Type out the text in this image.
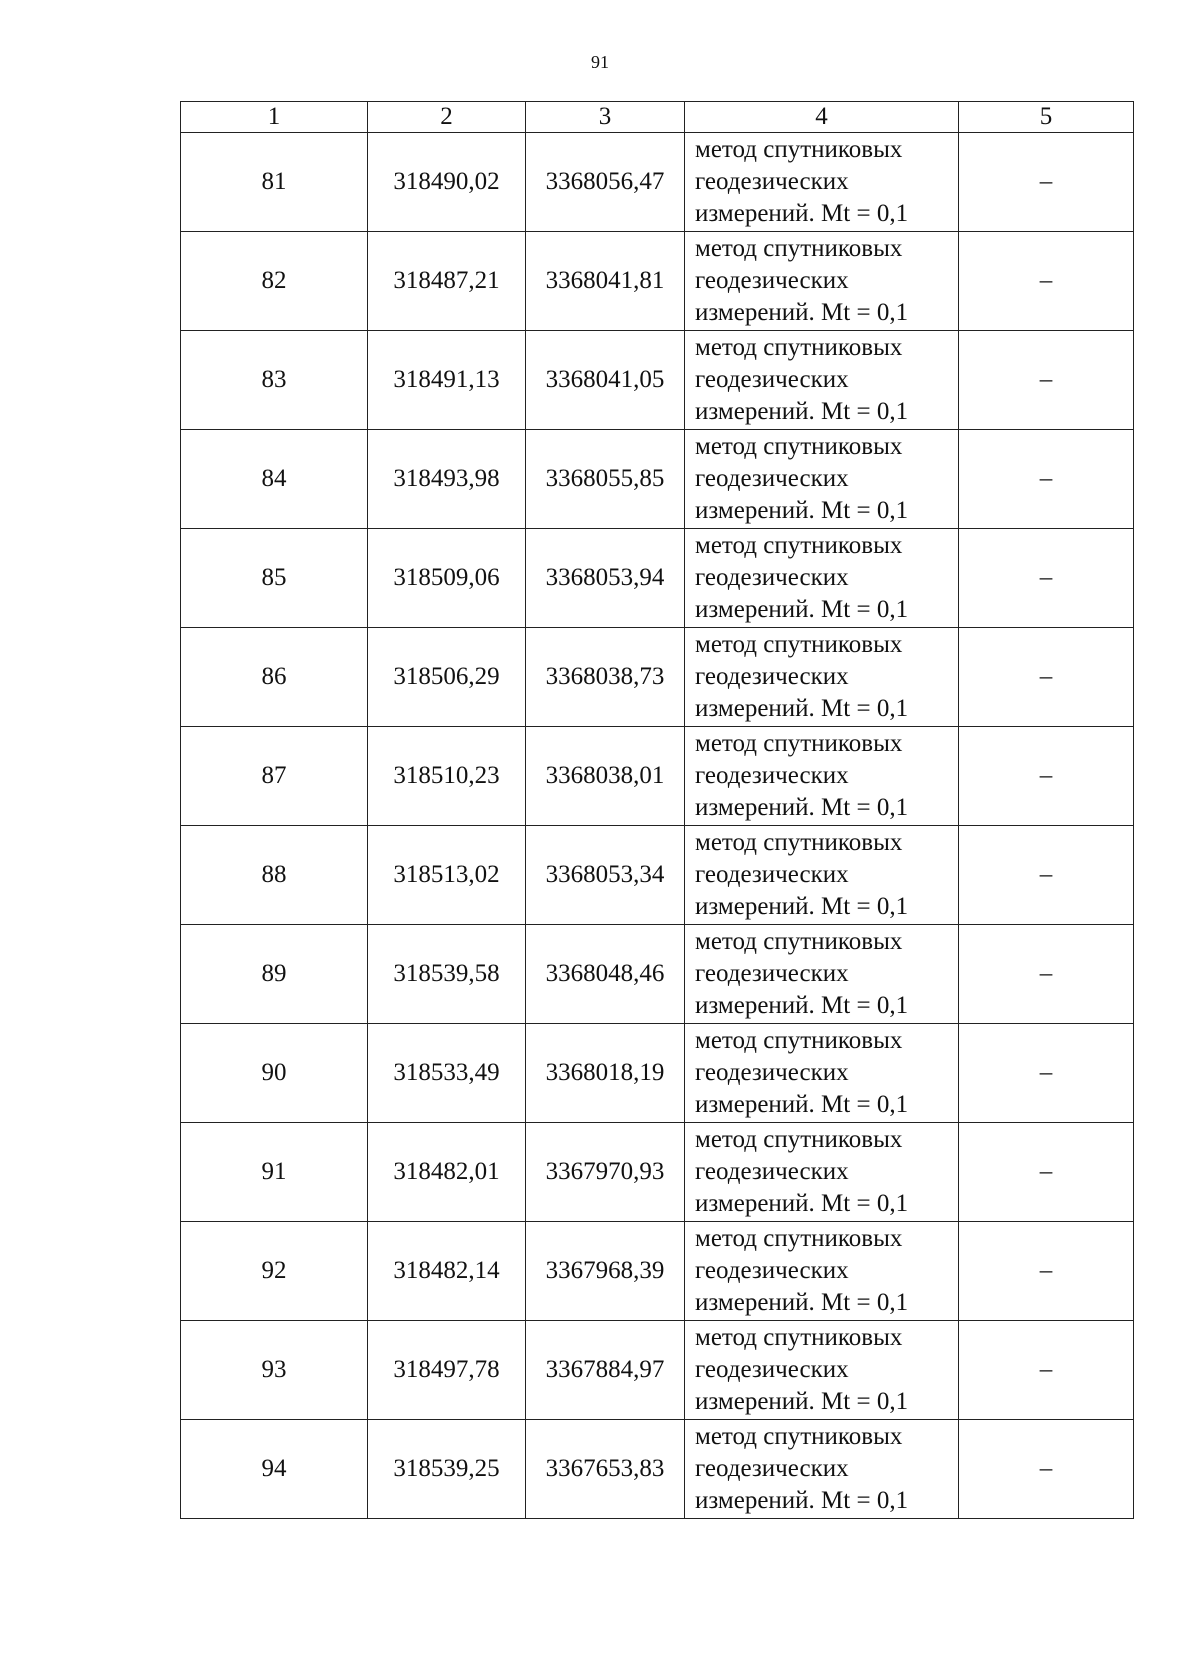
91
1	2	3	4	5
81	318490,02	3368056,47	метод спутниковых
геодезических
измерений. Mt = 0,1	–
82	318487,21	3368041,81	метод спутниковых
геодезических
измерений. Mt = 0,1	–
83	318491,13	3368041,05	метод спутниковых
геодезических
измерений. Mt = 0,1	–
84	318493,98	3368055,85	метод спутниковых
геодезических
измерений. Mt = 0,1	–
85	318509,06	3368053,94	метод спутниковых
геодезических
измерений. Mt = 0,1	–
86	318506,29	3368038,73	метод спутниковых
геодезических
измерений. Mt = 0,1	–
87	318510,23	3368038,01	метод спутниковых
геодезических
измерений. Mt = 0,1	–
88	318513,02	3368053,34	метод спутниковых
геодезических
измерений. Mt = 0,1	–
89	318539,58	3368048,46	метод спутниковых
геодезических
измерений. Mt = 0,1	–
90	318533,49	3368018,19	метод спутниковых
геодезических
измерений. Mt = 0,1	–
91	318482,01	3367970,93	метод спутниковых
геодезических
измерений. Mt = 0,1	–
92	318482,14	3367968,39	метод спутниковых
геодезических
измерений. Mt = 0,1	–
93	318497,78	3367884,97	метод спутниковых
геодезических
измерений. Mt = 0,1	–
94	318539,25	3367653,83	метод спутниковых
геодезических
измерений. Mt = 0,1	–
